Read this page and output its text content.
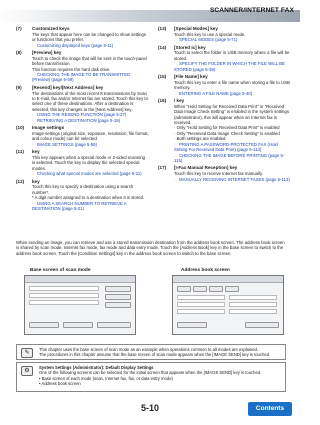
SCANNER/INTERNET FAX
(7)	Customized keys
The keys that appear here can be changed to show settings or functions that you prefer.
☞ Customizing displayed keys (page 5-11)
(8)	[Preview] key
Touch to check the image that will be sent in the touch-panel before transmission.
This function requires the hard disk drive.
☞ CHECKING THE IMAGE TO BE TRANSMITTED (Preview) (page 5-69)
(9)	[Resend] key/[Next Address] key
The destinations of the most recent 8 transmissions by Scan to E-mail, fax and/or Internet fax are stored. Touch this key to select one of these destinations. After a destination is selected, this key changes to the [Next Address] key.
☞ USING THE RESEND FUNCTION (page 5-27)
☞ RETRIEVING A DESTINATION (page 5-19)
(10)	Image settings
Image settings (original size, exposure, resolution, file format, and colour mode) can be selected.
☞ IMAGE SETTINGS (page 5-59)
(11)	key
This key appears when a special mode or 2-sided scanning is selected. Touch the key to display the selected special modes.
☞ Checking what special modes are selected (page 5-11)
(12)	key
Touch this key to specify a destination using a search number*.
* A digit number assigned to a destination when it is stored.
☞ USING A SEARCH NUMBER TO RETRIEVE A DESTINATION (page 5-21)
(13)	[Special Modes] key
Touch this key to use a special mode.
☞ SPECIAL MODES (page 5-71)
(14)	[Stored Ic] key
Touch to select the folder in USB memory where a file will be stored.
☞ SPECIFY THE FOLDER IN WHICH THE FILE WILL BE STORED (page 5-39)
(15)	[File Name] key
Touch this key to enter a file name when storing a file to USB memory.
☞ ENTERING A FILE NAME (page 5-40)
(16)	/ key
When "Hold Setting for Received Data Print" or "Received Data Image Check Setting" is enabled in the system settings (administrator), this will appear when an Internet fax is received.
· Only "Hold Setting for Received Data Print" is enabled
· Only "Received Data Image Check Setting" is enabled
· Both settings are enabled
☞ PRINTING A PASSWORD-PROTECTED FAX (Hold Setting For Received Data Print) (page 5-114)
☞ CHECKING THE IMAGE BEFORE PRINTING (page 5-115)
(17)	[I-Fax Manual Reception] key
Touch this key to receive Internet fax manually.
☞ MANUALLY RECEIVING INTERNET FAXES (page 5-113)
When sending an image, you can retrieve and use a stored transmission destination from the address book screen. The address book screen is shared by scan mode, Internet fax mode, fax mode and data entry mode. Touch the [Address Book] key in the base screen to switch to the address book screen. Touch the [Condition Settings] key in the address book screen to switch to the base screen.
Base screen of scan mode	Address book screen
✎
This chapter uses the base screen of scan mode as an example when operations common to all modes are explained.
The procedures in this chapter assume that the base screen of scan mode appears when the [IMAGE SEND] key is touched.
⚙
System Settings (Administrator): Default Display Settings
One of the following screens can be selected for the initial screen that appears when the [IMAGE SEND] key is touched.
• Base screen of each mode (scan, Internet fax, fax, or data entry mode)
• Address book screen
5-10	Contents
